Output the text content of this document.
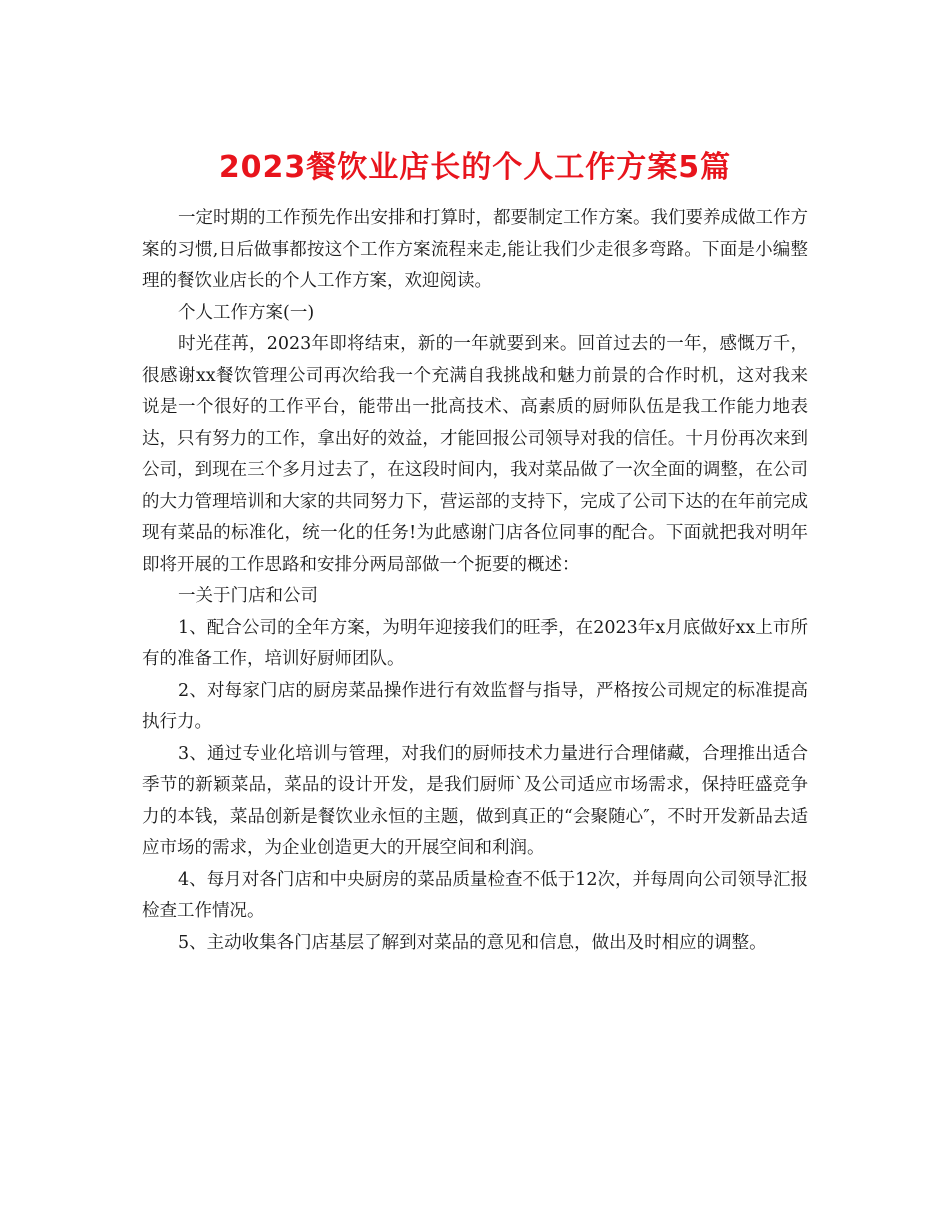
2023餐饮业店长的个人工作方案5篇

一定时期的工作预先作出安排和打算时，都要制定工作方案。我们要养成做工作方案的习惯,日后做事都按这个工作方案流程来走,能让我们少走很多弯路。下面是小编整理的餐饮业店长的个人工作方案，欢迎阅读。

个人工作方案(一)

时光荏苒，2023年即将结束，新的一年就要到来。回首过去的一年，感慨万千，很感谢xx餐饮管理公司再次给我一个充满自我挑战和魅力前景的合作时机，这对我来说是一个很好的工作平台，能带出一批高技术、高素质的厨师队伍是我工作能力地表达，只有努力的工作，拿出好的效益，才能回报公司领导对我的信任。十月份再次来到公司，到现在三个多月过去了，在这段时间内，我对菜品做了一次全面的调整，在公司的大力管理培训和大家的共同努力下，营运部的支持下，完成了公司下达的在年前完成现有菜品的标准化，统一化的任务!为此感谢门店各位同事的配合。下面就把我对明年即将开展的工作思路和安排分两局部做一个扼要的概述：

一关于门店和公司

1、配合公司的全年方案，为明年迎接我们的旺季，在2023年x月底做好xx上市所有的准备工作，培训好厨师团队。

2、对每家门店的厨房菜品操作进行有效监督与指导，严格按公司规定的标准提高执行力。

3、通过专业化培训与管理，对我们的厨师技术力量进行合理储藏，合理推出适合季节的新颖菜品，菜品的设计开发，是我们厨师`及公司适应市场需求，保持旺盛竞争力的本钱，菜品创新是餐饮业永恒的主题，做到真正的“会聚随心″，不时开发新品去适应市场的需求，为企业创造更大的开展空间和利润。

4、每月对各门店和中央厨房的菜品质量检查不低于12次，并每周向公司领导汇报检查工作情况。

5、主动收集各门店基层了解到对菜品的意见和信息，做出及时相应的调整。
